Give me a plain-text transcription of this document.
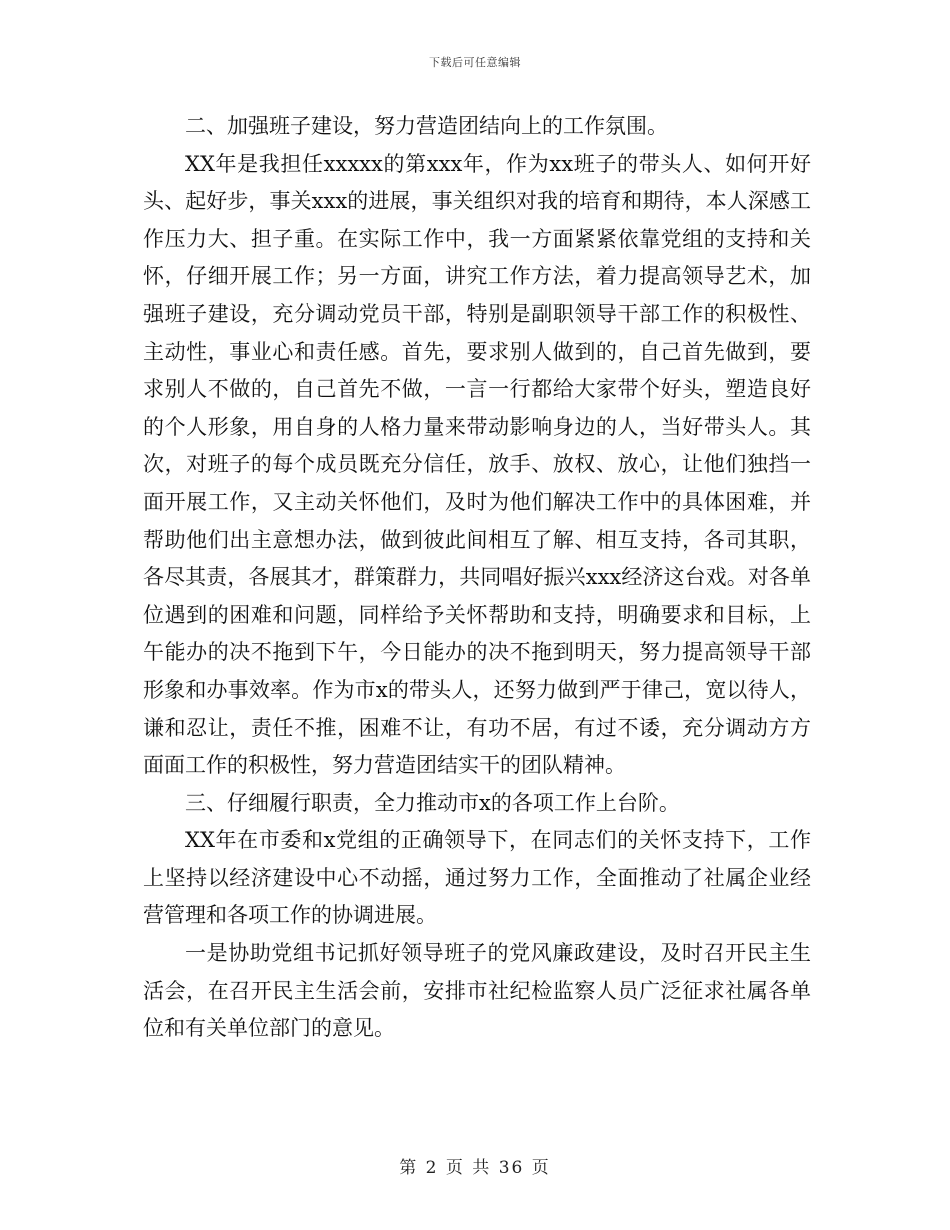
下载后可任意编辑

二、加强班子建设，努力营造团结向上的工作氛围。

XX年是我担任xxxxx的第xxx年，作为xx班子的带头人、如何开好头、起好步，事关xxx的进展，事关组织对我的培育和期待，本人深感工作压力大、担子重。在实际工作中，我一方面紧紧依靠党组的支持和关怀，仔细开展工作；另一方面，讲究工作方法，着力提高领导艺术，加强班子建设，充分调动党员干部，特别是副职领导干部工作的积极性、主动性，事业心和责任感。首先，要求别人做到的，自己首先做到，要求别人不做的，自己首先不做，一言一行都给大家带个好头，塑造良好的个人形象，用自身的人格力量来带动影响身边的人，当好带头人。其次，对班子的每个成员既充分信任，放手、放权、放心，让他们独挡一面开展工作，又主动关怀他们，及时为他们解决工作中的具体困难，并帮助他们出主意想办法，做到彼此间相互了解、相互支持，各司其职，各尽其责，各展其才，群策群力，共同唱好振兴xxx经济这台戏。对各单位遇到的困难和问题，同样给予关怀帮助和支持，明确要求和目标，上午能办的决不拖到下午，今日能办的决不拖到明天，努力提高领导干部形象和办事效率。作为市x的带头人，还努力做到严于律己，宽以待人，谦和忍让，责任不推，困难不让，有功不居，有过不诿，充分调动方方面面工作的积极性，努力营造团结实干的团队精神。

三、仔细履行职责，全力推动市x的各项工作上台阶。

XX年在市委和x党组的正确领导下，在同志们的关怀支持下，工作上坚持以经济建设中心不动摇，通过努力工作，全面推动了社属企业经营管理和各项工作的协调进展。

一是协助党组书记抓好领导班子的党风廉政建设，及时召开民主生活会，在召开民主生活会前，安排市社纪检监察人员广泛征求社属各单位和有关单位部门的意见。

第 2 页 共 36 页
